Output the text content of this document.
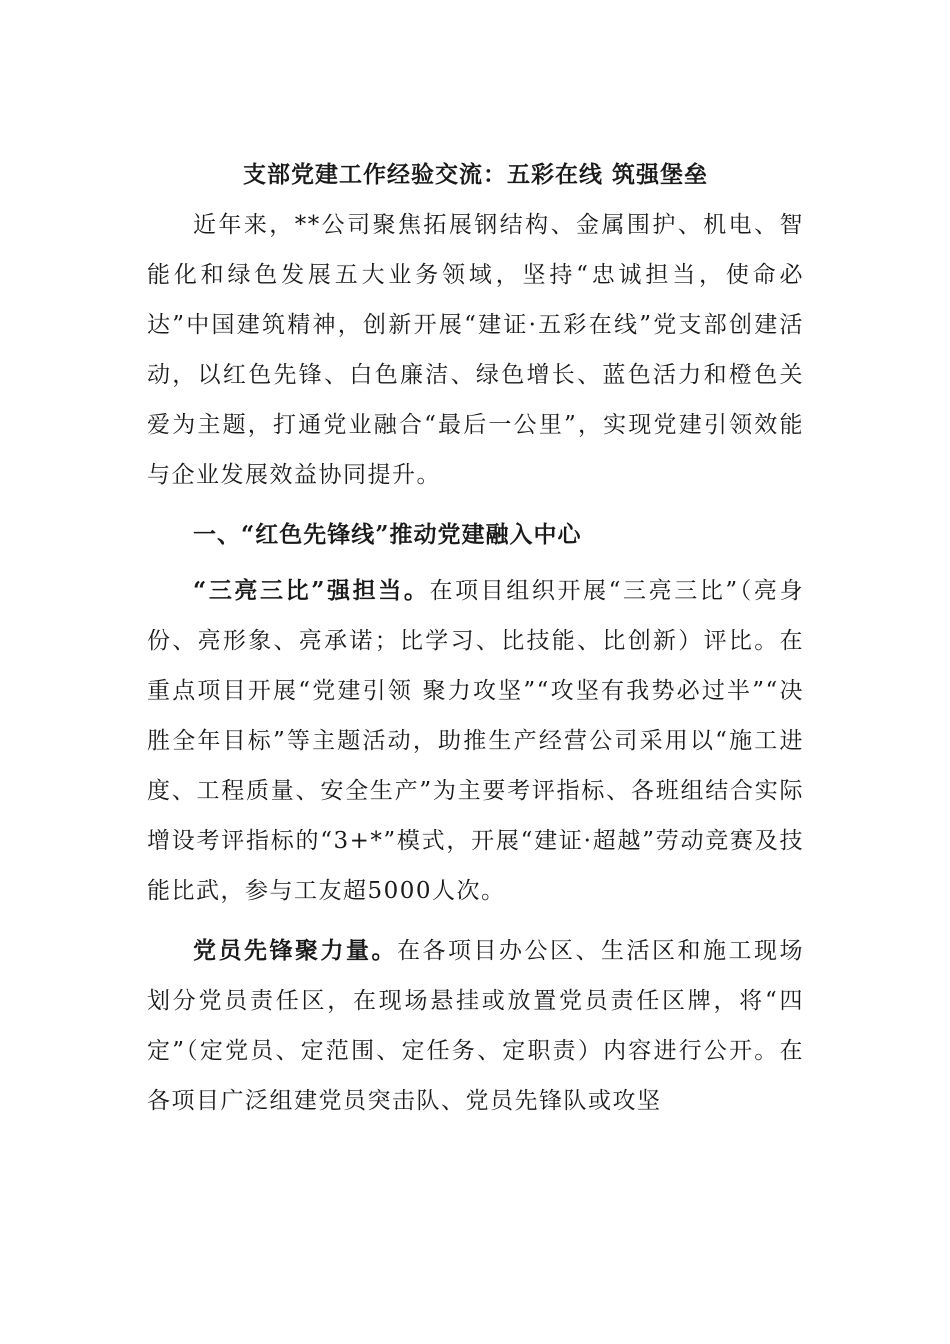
支部党建工作经验交流：五彩在线 筑强堡垒

近年来，**公司聚焦拓展钢结构、金属围护、机电、智能化和绿色发展五大业务领域，坚持“忠诚担当，使命必达”中国建筑精神，创新开展“建证·五彩在线”党支部创建活动，以红色先锋、白色廉洁、绿色增长、蓝色活力和橙色关爱为主题，打通党业融合“最后一公里”，实现党建引领效能与企业发展效益协同提升。

一、“红色先锋线”推动党建融入中心

“三亮三比”强担当。在项目组织开展“三亮三比”（亮身份、亮形象、亮承诺；比学习、比技能、比创新）评比。在重点项目开展“党建引领 聚力攻坚”“攻坚有我势必过半”“决胜全年目标”等主题活动，助推生产经营公司采用以“施工进度、工程质量、安全生产”为主要考评指标、各班组结合实际增设考评指标的“3+*”模式，开展“建证·超越”劳动竞赛及技能比武，参与工友超5000人次。

党员先锋聚力量。在各项目办公区、生活区和施工现场划分党员责任区，在现场悬挂或放置党员责任区牌，将“四定”（定党员、定范围、定任务、定职责）内容进行公开。在各项目广泛组建党员突击队、党员先锋队或攻坚
